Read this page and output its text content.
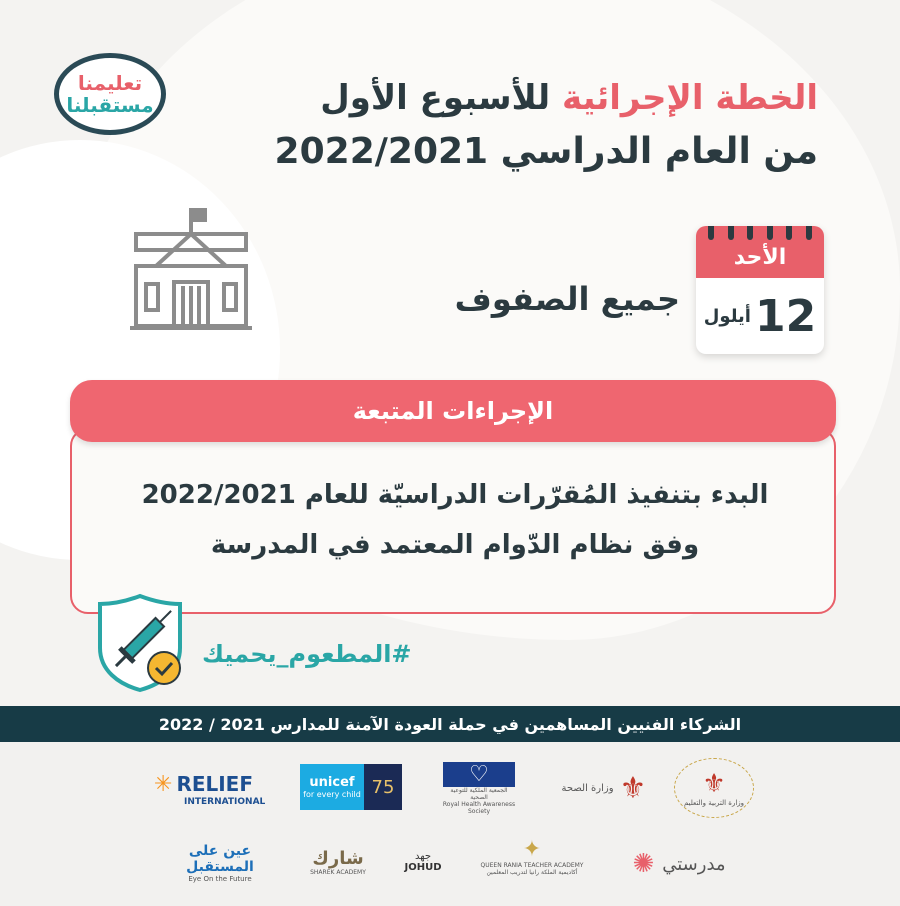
تعليمنا
مستقبلنا	الخطة الإجرائية للأسبوع الأول
من العام الدراسي 2022/2021
الأحد
12
أيلول
جميع الصفوف
الإجراءات المتبعة
البدء بتنفيذ المُقرّرات الدراسيّة للعام 2022/2021
وفق نظام الدّوام المعتمد في المدرسة
#المطعوم_يحميك
الشركاء الفنيين المساهمين في حملة العودة الآمنة للمدارس 2021 / 2022
✳ RELIEF
INTERNATIONAL
unicef
for every child 75
♡
الجمعية الملكية للتوعية الصحية
Royal Health Awareness Society
⚜
وزارة الصحة	⚜
وزارة التربية والتعليم
عين على المستقبل
Eye On the Future
شارك
SHAREK ACADEMY
جهد
JOHUD
✦
QUEEN RANIA TEACHER ACADEMY
أكاديمية الملكة رانيا لتدريب المعلمين	مدرستي
✺
